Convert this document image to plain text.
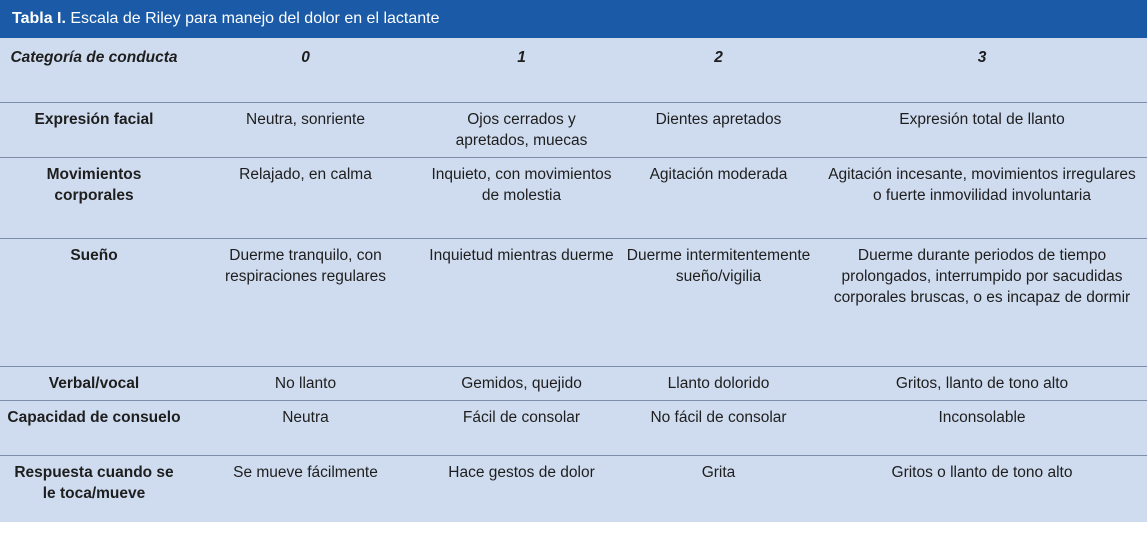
Tabla I. Escala de Riley para manejo del dolor en el lactante
Categoría de conducta	0	1	2	3
Expresión facial	Neutra, sonriente	Ojos cerrados y apretados, muecas	Dientes apretados	Expresión total de llanto
Movimientos corporales	Relajado, en calma	Inquieto, con movimientos de molestia	Agitación moderada	Agitación incesante, movimientos irregulares o fuerte inmovilidad involuntaria
Sueño	Duerme tranquilo, con respiraciones regulares	Inquietud mientras duerme	Duerme intermitentemente sueño/vigilia	Duerme durante periodos de tiempo prolongados, interrumpido por sacudidas corporales bruscas, o es incapaz de dormir
Verbal/vocal	No llanto	Gemidos, quejido	Llanto dolorido	Gritos, llanto de tono alto
Capacidad de consuelo	Neutra	Fácil de consolar	No fácil de consolar	Inconsolable
Respuesta cuando se le toca/mueve	Se mueve fácilmente	Hace gestos de dolor	Grita	Gritos o llanto de tono alto
